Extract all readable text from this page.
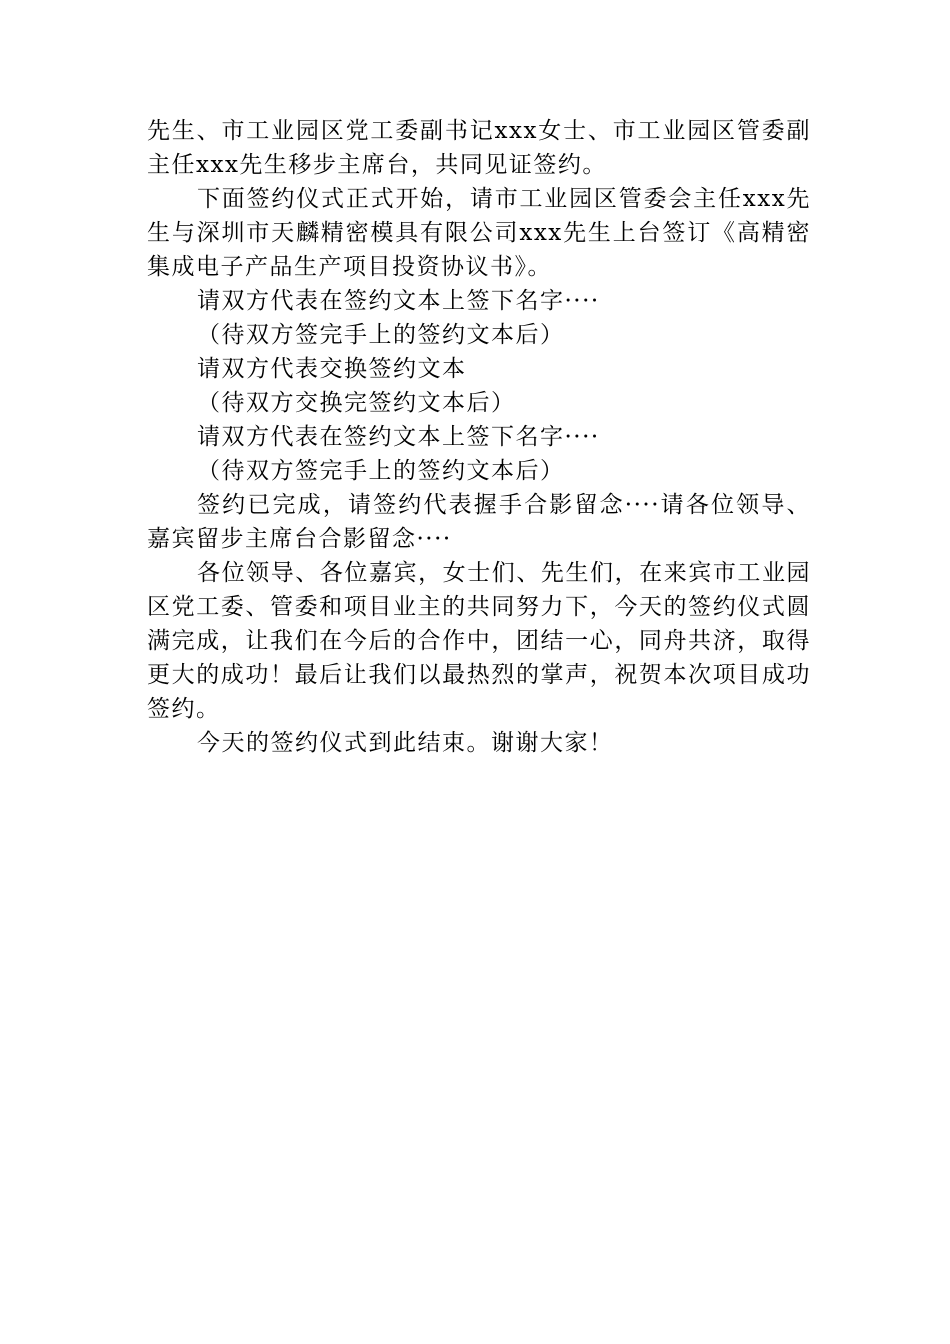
先生、市工业园区党工委副书记xxx女士、市工业园区管委副主任xxx先生移步主席台，共同见证签约。

下面签约仪式正式开始，请市工业园区管委会主任xxx先生与深圳市天麟精密模具有限公司xxx先生上台签订《高精密集成电子产品生产项目投资协议书》。

请双方代表在签约文本上签下名字····

（待双方签完手上的签约文本后）

请双方代表交换签约文本

（待双方交换完签约文本后）

请双方代表在签约文本上签下名字····

（待双方签完手上的签约文本后）

签约已完成，请签约代表握手合影留念····请各位领导、嘉宾留步主席台合影留念····

各位领导、各位嘉宾，女士们、先生们，在来宾市工业园区党工委、管委和项目业主的共同努力下，今天的签约仪式圆满完成，让我们在今后的合作中，团结一心，同舟共济，取得更大的成功！最后让我们以最热烈的掌声，祝贺本次项目成功签约。

今天的签约仪式到此结束。谢谢大家！
